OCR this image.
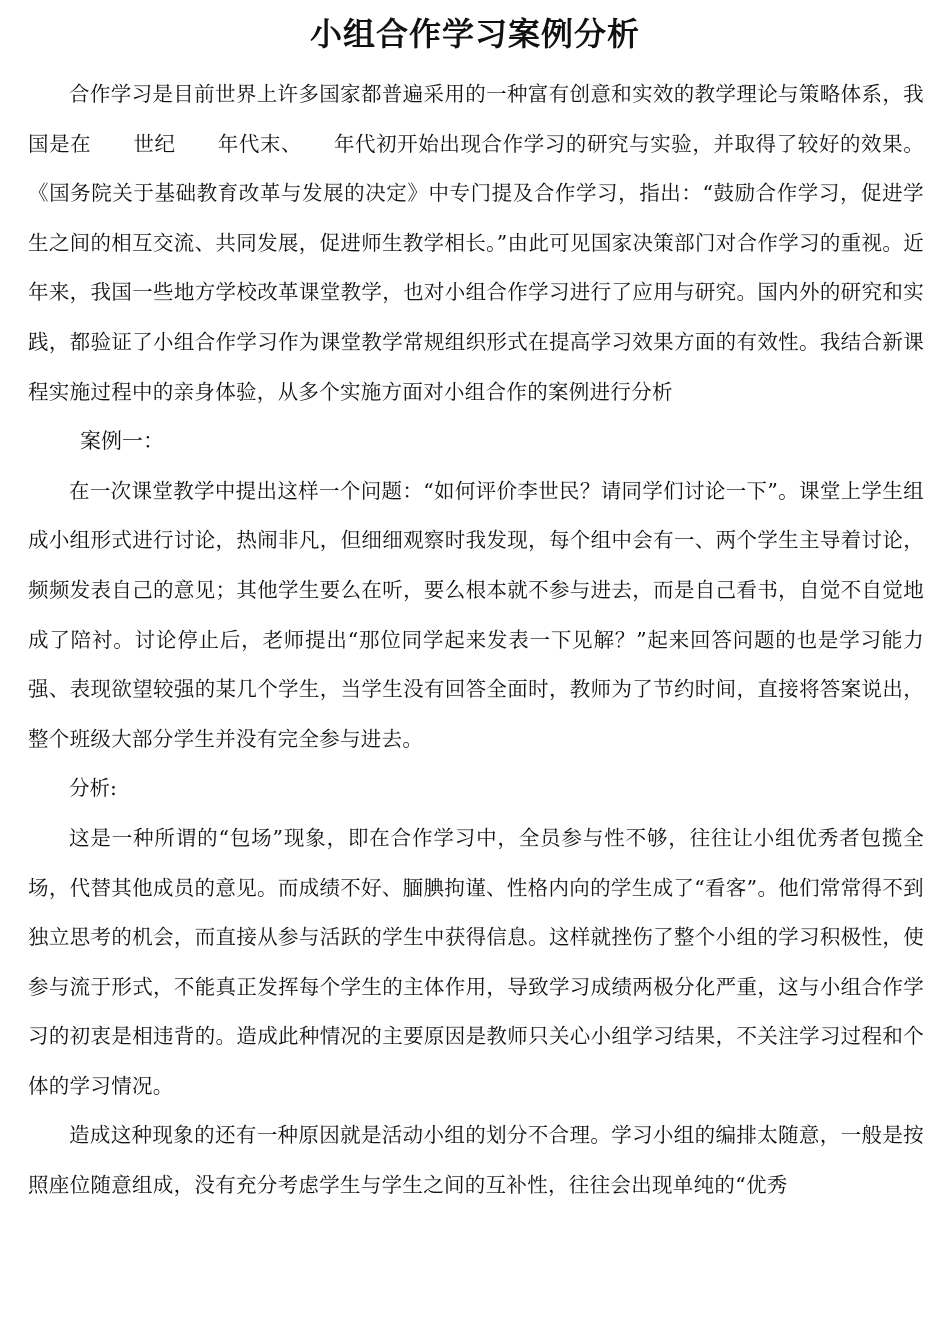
小组合作学习案例分析

合作学习是目前世界上许多国家都普遍采用的一种富有创意和实效的教学理论与策略体系，我国是在　　世纪　　年代末、　　年代初开始出现合作学习的研究与实验，并取得了较好的效果。《国务院关于基础教育改革与发展的决定》中专门提及合作学习，指出：“鼓励合作学习，促进学生之间的相互交流、共同发展，促进师生教学相长。”由此可见国家决策部门对合作学习的重视。近年来，我国一些地方学校改革课堂教学，也对小组合作学习进行了应用与研究。国内外的研究和实践，都验证了小组合作学习作为课堂教学常规组织形式在提高学习效果方面的有效性。我结合新课程实施过程中的亲身体验，从多个实施方面对小组合作的案例进行分析

案例一：

在一次课堂教学中提出这样一个问题：“如何评价李世民？请同学们讨论一下”。课堂上学生组成小组形式进行讨论，热闹非凡，但细细观察时我发现，每个组中会有一、两个学生主导着讨论，频频发表自己的意见；其他学生要么在听，要么根本就不参与进去，而是自己看书，自觉不自觉地成了陪衬。讨论停止后，老师提出“那位同学起来发表一下见解？”起来回答问题的也是学习能力强、表现欲望较强的某几个学生，当学生没有回答全面时，教师为了节约时间，直接将答案说出，整个班级大部分学生并没有完全参与进去。

分析:

这是一种所谓的“包场”现象，即在合作学习中，全员参与性不够，往往让小组优秀者包揽全场，代替其他成员的意见。而成绩不好、腼腆拘谨、性格内向的学生成了“看客”。他们常常得不到独立思考的机会，而直接从参与活跃的学生中获得信息。这样就挫伤了整个小组的学习积极性，使参与流于形式，不能真正发挥每个学生的主体作用，导致学习成绩两极分化严重，这与小组合作学习的初衷是相违背的。造成此种情况的主要原因是教师只关心小组学习结果，不关注学习过程和个体的学习情况。

造成这种现象的还有一种原因就是活动小组的划分不合理。学习小组的编排太随意，一般是按照座位随意组成，没有充分考虑学生与学生之间的互补性，往往会出现单纯的“优秀
